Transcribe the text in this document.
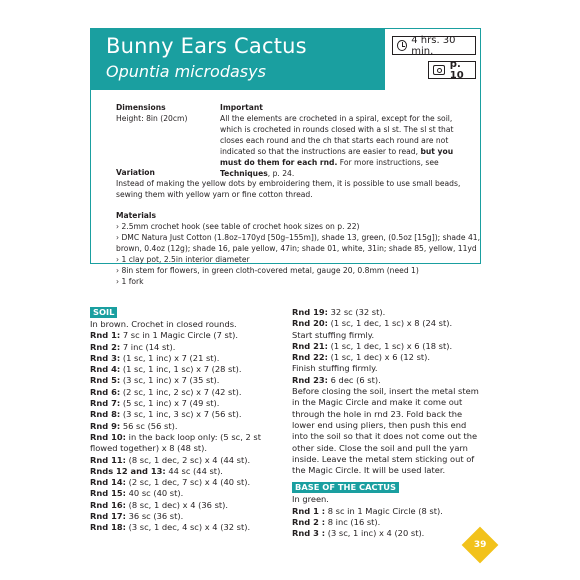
Bunny Ears Cactus
Opuntia microdasys
4 hrs. 30 min.
p. 10
Dimensions
Height: 8in (20cm)
Important
All the elements are crocheted in a spiral, except for the soil, which is crocheted in rounds closed with a sl st. The sl st that closes each round and the ch that starts each round are not indicated so that the instructions are easier to read, but you must do them for each rnd. For more instructions, see Techniques, p. 24.
Variation
Instead of making the yellow dots by embroidering them, it is possible to use small beads, sewing them with yellow yarn or fine cotton thread.
Materials
› 2.5mm crochet hook (see table of crochet hook sizes on p. 22)
› DMC Natura Just Cotton (1.8oz–170yd [50g–155m]), shade 13, green, (0.5oz [15g]); shade 41,
brown, 0.4oz (12g); shade 16, pale yellow, 47in; shade 01, white, 31in; shade 85, yellow, 11yd
› 1 clay pot, 2.5in interior diameter
› 8in stem for flowers, in green cloth-covered metal, gauge 20, 0.8mm (need 1)
› 1 fork
SOIL
In brown. Crochet in closed rounds.
Rnd 1: 7 sc in 1 Magic Circle (7 st).
Rnd 2: 7 inc (14 st).
Rnd 3: (1 sc, 1 inc) x 7 (21 st).
Rnd 4: (1 sc, 1 inc, 1 sc) x 7 (28 st).
Rnd 5: (3 sc, 1 inc) x 7 (35 st).
Rnd 6: (2 sc, 1 inc, 2 sc) x 7 (42 st).
Rnd 7: (5 sc, 1 inc) x 7 (49 st).
Rnd 8: (3 sc, 1 inc, 3 sc) x 7 (56 st).
Rnd 9: 56 sc (56 st).
Rnd 10: in the back loop only: (5 sc, 2 st flowed together) x 8 (48 st).
Rnd 11: (8 sc, 1 dec, 2 sc) x 4 (44 st).
Rnds 12 and 13: 44 sc (44 st).
Rnd 14: (2 sc, 1 dec, 7 sc) x 4 (40 st).
Rnd 15: 40 sc (40 st).
Rnd 16: (8 sc, 1 dec) x 4 (36 st).
Rnd 17: 36 sc (36 st).
Rnd 18: (3 sc, 1 dec, 4 sc) x 4 (32 st).
Rnd 19: 32 sc (32 st).
Rnd 20: (1 sc, 1 dec, 1 sc) x 8 (24 st).
Start stuffing firmly.
Rnd 21: (1 sc, 1 dec, 1 sc) x 6 (18 st).
Rnd 22: (1 sc, 1 dec) x 6 (12 st).
Finish stuffing firmly.
Rnd 23: 6 dec (6 st).
Before closing the soil, insert the metal stem in the Magic Circle and make it come out through the hole in rnd 23. Fold back the lower end using pliers, then push this end into the soil so that it does not come out the other side. Close the soil and pull the yarn inside. Leave the metal stem sticking out of the Magic Circle. It will be used later.
BASE OF THE CACTUS
In green.
Rnd 1 : 8 sc in 1 Magic Circle (8 st).
Rnd 2 : 8 inc (16 st).
Rnd 3 : (3 sc, 1 inc) x 4 (20 st).
39
